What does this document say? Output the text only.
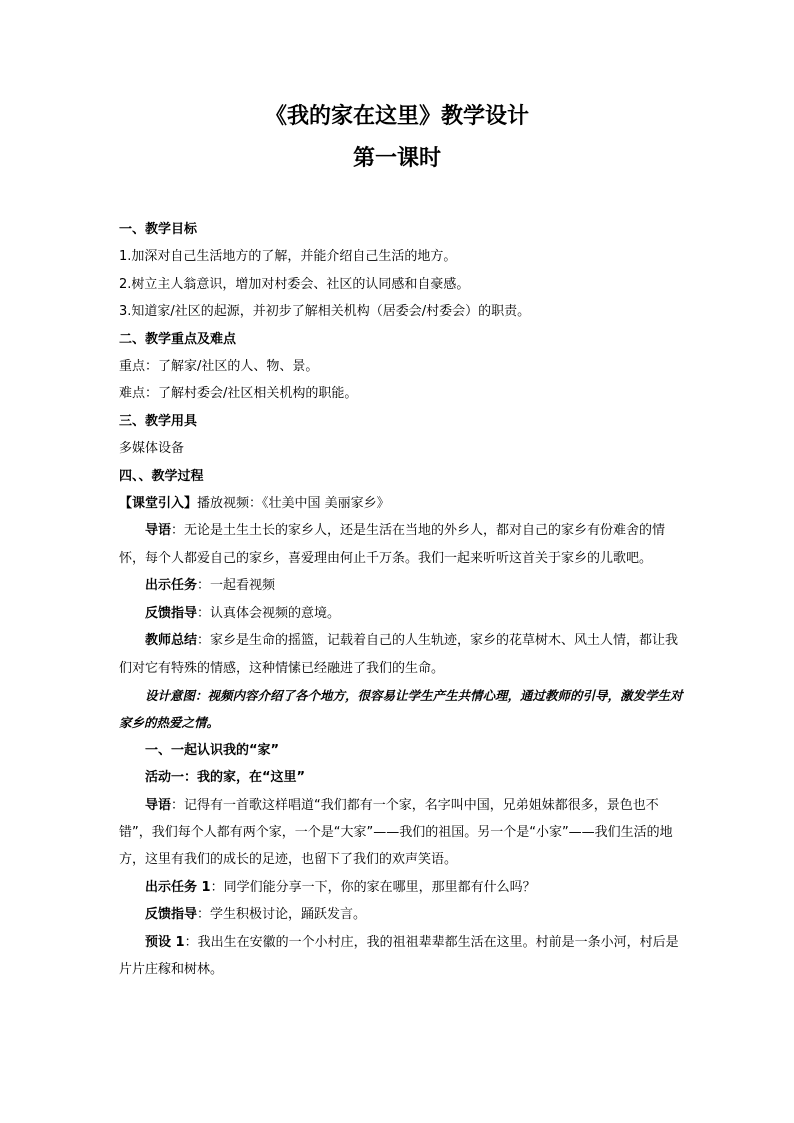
《我的家在这里》教学设计
第一课时

一、教学目标

1.加深对自己生活地方的了解，并能介绍自己生活的地方。

2.树立主人翁意识，增加对村委会、社区的认同感和自豪感。

3.知道家/社区的起源，并初步了解相关机构（居委会/村委会）的职责。

二、教学重点及难点

重点：了解家/社区的人、物、景。

难点：了解村委会/社区相关机构的职能。

三、教学用具

多媒体设备

四、、教学过程

【课堂引入】播放视频：《壮美中国 美丽家乡》

导语：无论是土生土长的家乡人，还是生活在当地的外乡人，都对自己的家乡有份难舍的情怀，每个人都爱自己的家乡，喜爱理由何止千万条。我们一起来听听这首关于家乡的儿歌吧。

出示任务：一起看视频

反馈指导：认真体会视频的意境。

教师总结：家乡是生命的摇篮，记载着自己的人生轨迹，家乡的花草树木、风土人情，都让我们对它有特殊的情感，这种情愫已经融进了我们的生命。

设计意图：视频内容介绍了各个地方，很容易让学生产生共情心理，通过教师的引导，激发学生对家乡的热爱之情。

一、一起认识我的“家”

活动一：我的家，在“这里”

导语：记得有一首歌这样唱道“我们都有一个家，名字叫中国，兄弟姐妹都很多，景色也不错”，我们每个人都有两个家，一个是“大家”——我们的祖国。另一个是“小家”——我们生活的地方，这里有我们的成长的足迹，也留下了我们的欢声笑语。

出示任务 1：同学们能分享一下，你的家在哪里，那里都有什么吗？

反馈指导：学生积极讨论，踊跃发言。

预设 1：我出生在安徽的一个小村庄，我的祖祖辈辈都生活在这里。村前是一条小河，村后是片片庄稼和树林。
